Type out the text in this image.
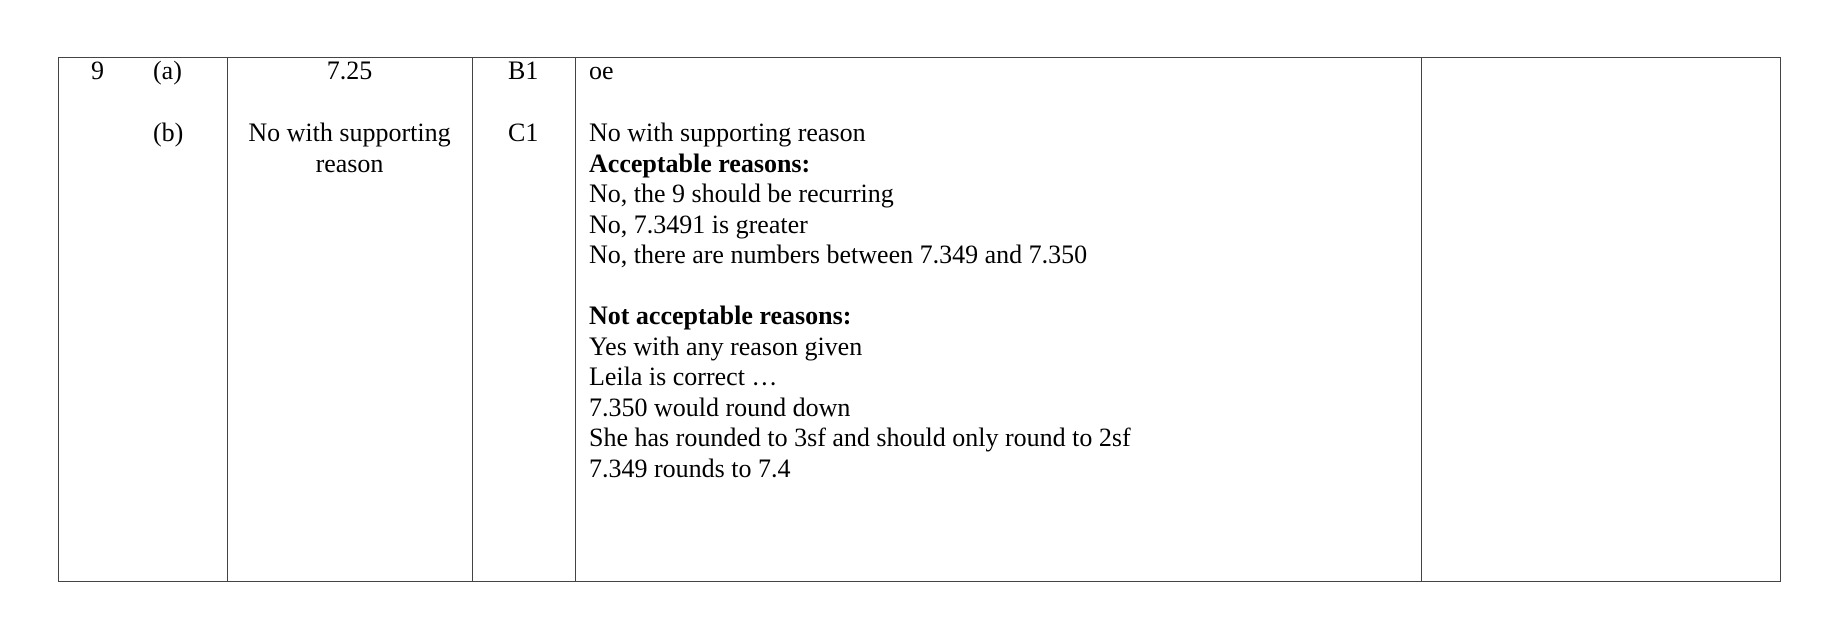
9 (a)
(b)
7.25
No with supporting
reason
B1
C1
oe
No with supporting reason
Acceptable reasons:
No, the 9 should be recurring
No, 7.3491 is greater
No, there are numbers between 7.349 and 7.350
Not acceptable reasons:
Yes with any reason given
Leila is correct …
7.350 would round down
She has rounded to 3sf and should only round to 2sf
7.349 rounds to 7.4
